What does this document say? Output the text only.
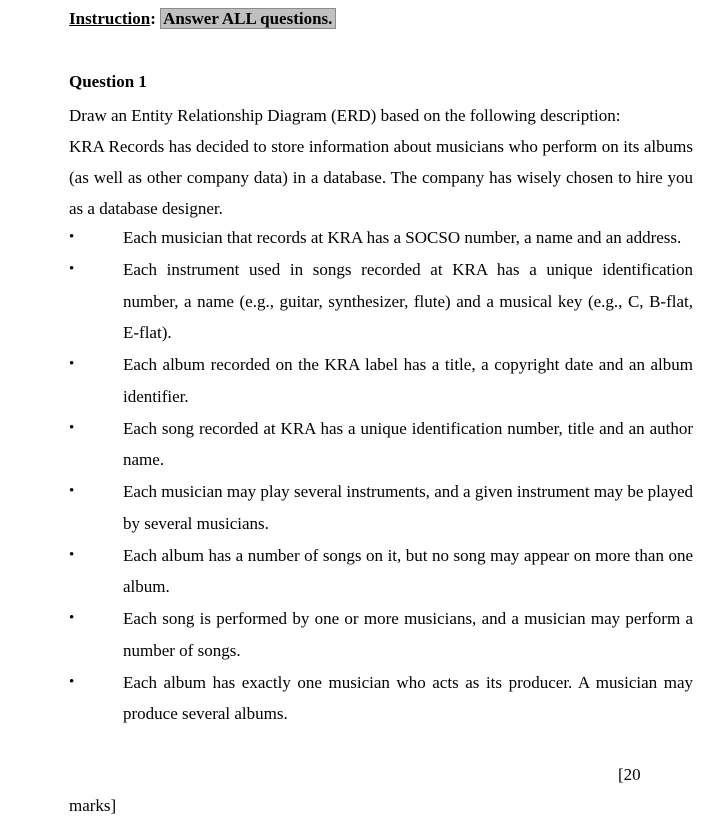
Instruction: Answer ALL questions.
Question 1

Draw an Entity Relationship Diagram (ERD) based on the following description:

KRA Records has decided to store information about musicians who perform on its albums (as well as other company data) in a database. The company has wisely chosen to hire you as a database designer.

•	Each musician that records at KRA has a SOCSO number, a name and an address.
•	Each instrument used in songs recorded at KRA has a unique identification number, a name (e.g., guitar, synthesizer, flute) and a musical key (e.g., C, B-flat, E-flat).
•	Each album recorded on the KRA label has a title, a copyright date and an album identifier.
•	Each song recorded at KRA has a unique identification number, title and an author name.
•	Each musician may play several instruments, and a given instrument may be played by several musicians.
•	Each album has a number of songs on it, but no song may appear on more than one album.
•	Each song is performed by one or more musicians, and a musician may perform a number of songs.
•	Each album has exactly one musician who acts as its producer. A musician may produce several albums.
[20
marks]
